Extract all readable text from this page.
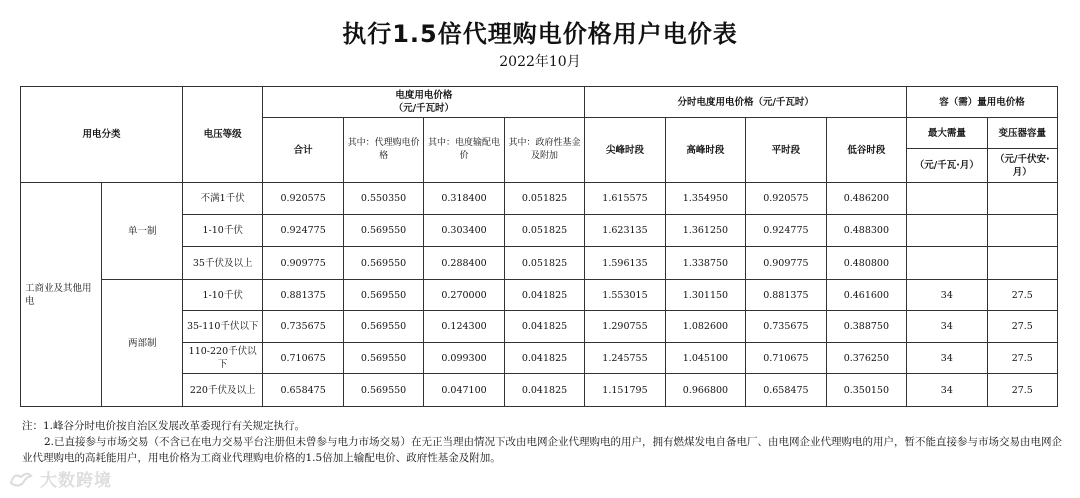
执行1.5倍代理购电价格用户电价表
2022年10月
用电分类		电压等级	电度用电价格
（元/千瓦时）				分时电度用电价格（元/千瓦时）				容（需）量用电价格	
			合计	其中：代理购电价格	其中：电度输配电价	其中：政府性基金及附加	尖峰时段	高峰时段	平时段	低谷时段	最大需量	变压器容量
											（元/千瓦·月）	（元/千伏安·月）

工商业及其他用电	单一制	不满1千伏	0.920575	0.550350	0.318400	0.051825	1.615575	1.354950	0.920575	0.486200		
		1-10千伏	0.924775	0.569550	0.303400	0.051825	1.623135	1.361250	0.924775	0.488300		
		35千伏及以上	0.909775	0.569550	0.288400	0.051825	1.596135	1.338750	0.909775	0.480800		
	两部制	1-10千伏	0.881375	0.569550	0.270000	0.041825	1.553015	1.301150	0.881375	0.461600	34	27.5
		35-110千伏以下	0.735675	0.569550	0.124300	0.041825	1.290755	1.082600	0.735675	0.388750	34	27.5
		110-220千伏以下	0.710675	0.569550	0.099300	0.041825	1.245755	1.045100	0.710675	0.376250	34	27.5
		220千伏及以上	0.658475	0.569550	0.047100	0.041825	1.151795	0.966800	0.658475	0.350150	34	27.5

注：1.峰谷分时电价按自治区发展改革委现行有关规定执行。

2.已直接参与市场交易（不含已在电力交易平台注册但未曾参与电力市场交易）在无正当理由情况下改由电网企业代理购电的用户，拥有燃煤发电自备电厂、由电网企业代理购电的用户，暂不能直接参与市场交易由电网企业代理购电的高耗能用户，用电价格为工商业代理购电价格的1.5倍加上输配电价、政府性基金及附加。

大数跨境
